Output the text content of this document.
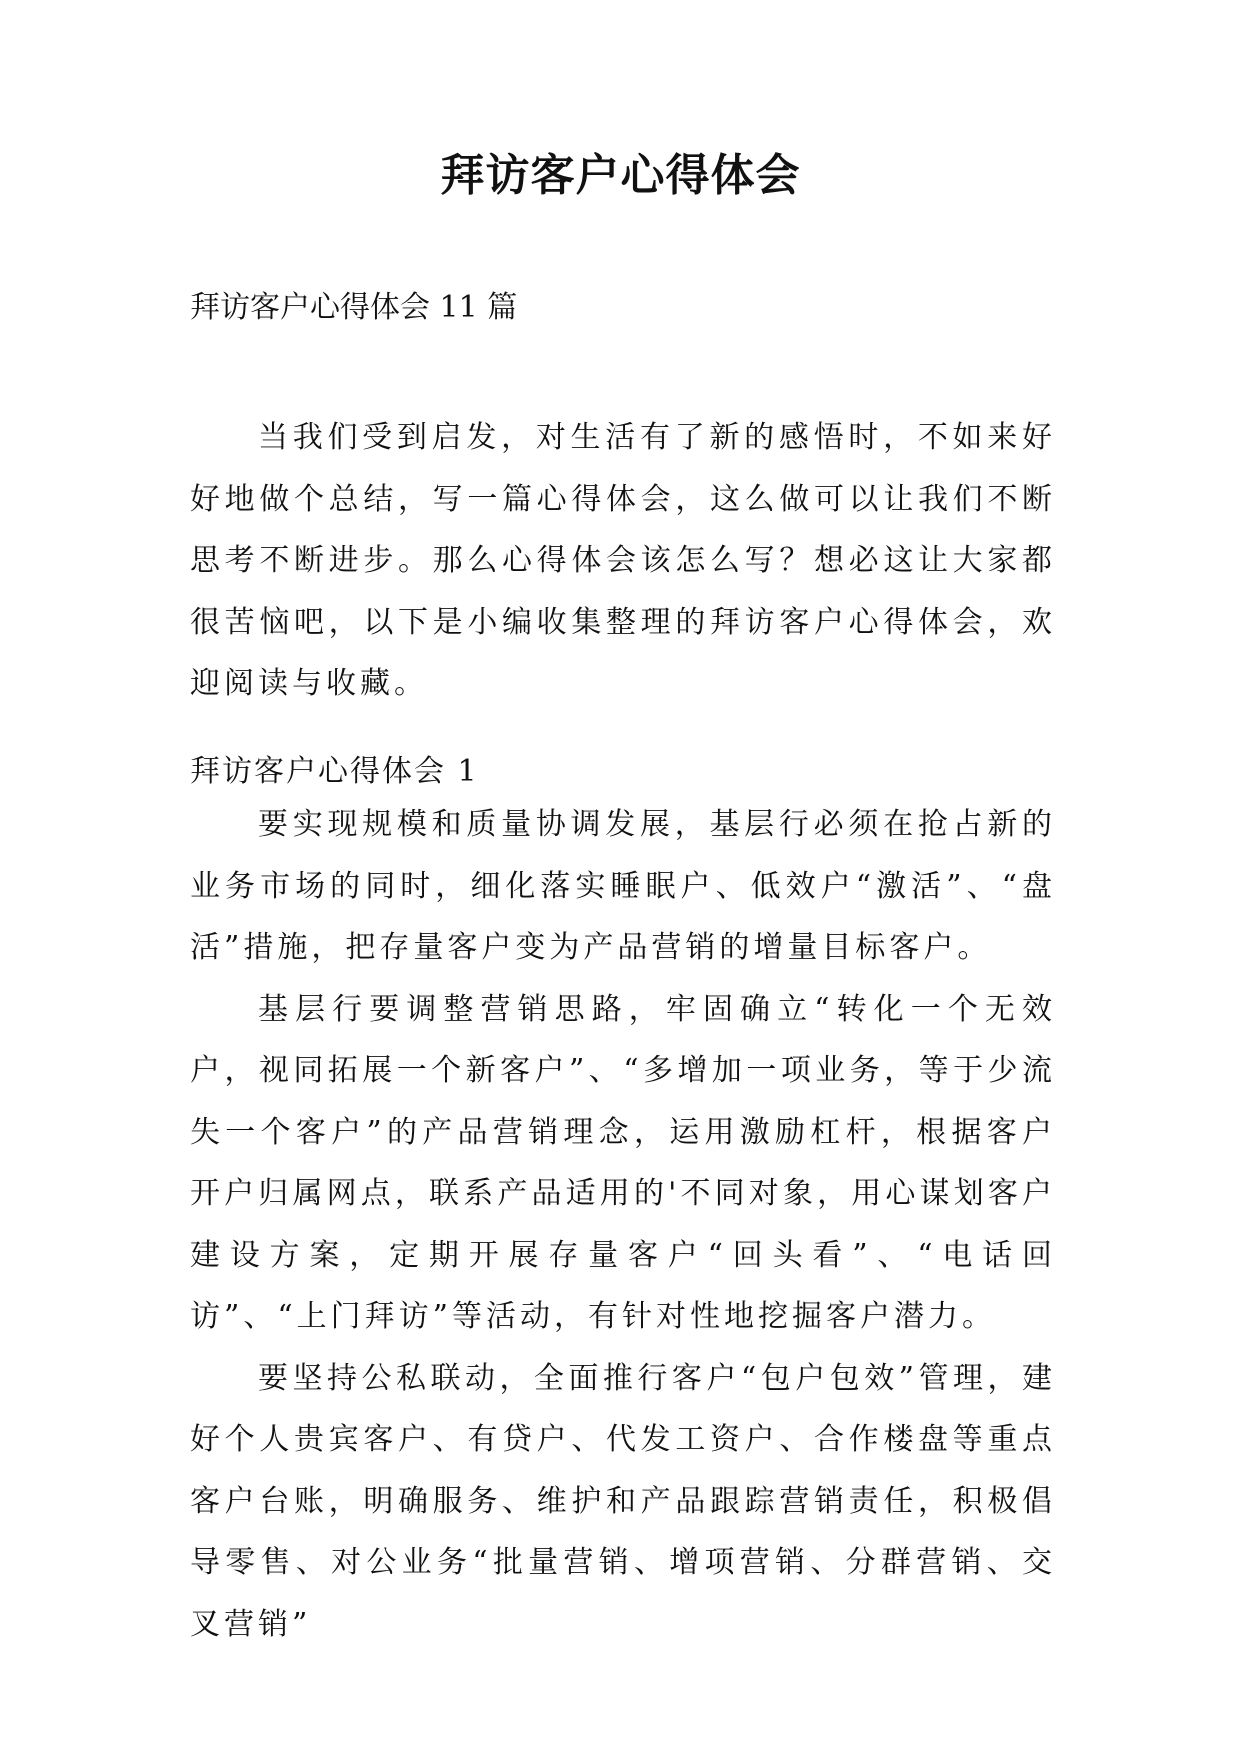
拜访客户心得体会
拜访客户心得体会 11 篇

当我们受到启发，对生活有了新的感悟时，不如来好好地做个总结，写一篇心得体会，这么做可以让我们不断思考不断进步。那么心得体会该怎么写？想必这让大家都很苦恼吧，以下是小编收集整理的拜访客户心得体会，欢迎阅读与收藏。

拜访客户心得体会 1

要实现规模和质量协调发展，基层行必须在抢占新的业务市场的同时，细化落实睡眠户、低效户“激活”、“盘活”措施，把存量客户变为产品营销的增量目标客户。

基层行要调整营销思路，牢固确立“转化一个无效户，视同拓展一个新客户”、“多增加一项业务，等于少流失一个客户”的产品营销理念，运用激励杠杆，根据客户开户归属网点，联系产品适用的'不同对象，用心谋划客户建设方案，定期开展存量客户“回头看”、“电话回访”、“上门拜访”等活动，有针对性地挖掘客户潜力。

要坚持公私联动，全面推行客户“包户包效”管理，建好个人贵宾客户、有贷户、代发工资户、合作楼盘等重点客户台账，明确服务、维护和产品跟踪营销责任，积极倡导零售、对公业务“批量营销、增项营销、分群营销、交叉营销”
